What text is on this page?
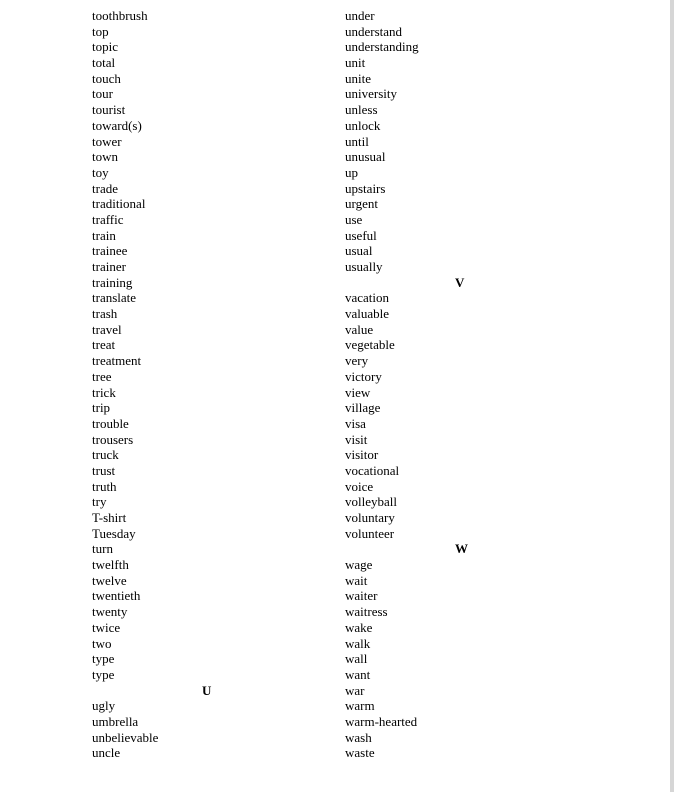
toothbrush
top
topic
total
touch
tour
tourist
toward(s)
tower
town
toy
trade
traditional
traffic
train
trainee
trainer
training
translate
trash
travel
treat
treatment
tree
trick
trip
trouble
trousers
truck
trust
truth
try
T-shirt
Tuesday
turn
twelfth
twelve
twentieth
twenty
twice
two
type
type
U
ugly
umbrella
unbelievable
uncle
under
understand
understanding
unit
unite
university
unless
unlock
until
unusual
up
upstairs
urgent
use
useful
usual
usually
V
vacation
valuable
value
vegetable
very
victory
view
village
visa
visit
visitor
vocational
voice
volleyball
voluntary
volunteer
W
wage
wait
waiter
waitress
wake
walk
wall
want
war
warm
warm-hearted
wash
waste
